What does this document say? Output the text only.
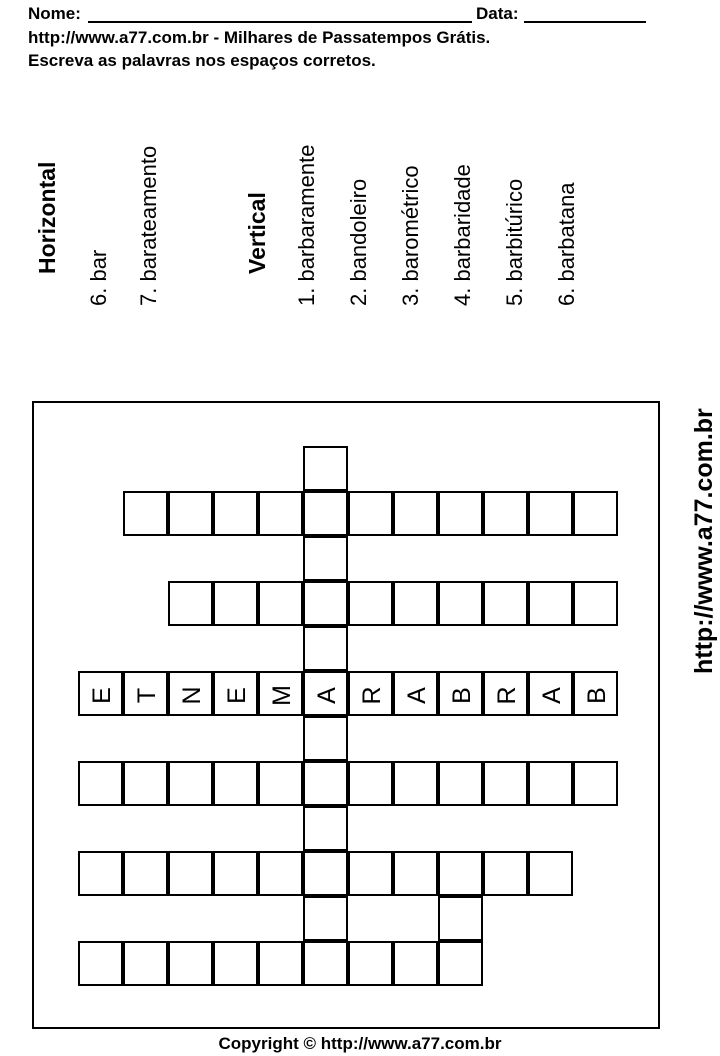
Nome:	Data:
http://www.a77.com.br - Milhares de Passatempos Grátis.
Escreva as palavras nos espaços corretos.
Horizontal
6. bar 7. barateamento	Vertical 1. barbaramente 2. bandoleiro 3. barométrico 4. barbaridade 5. barbitúrico 6. barbatana
B
A
R
B
A
R
A
M
E
N
T
E
http://www.a77.com.br
Copyright © http://www.a77.com.br
